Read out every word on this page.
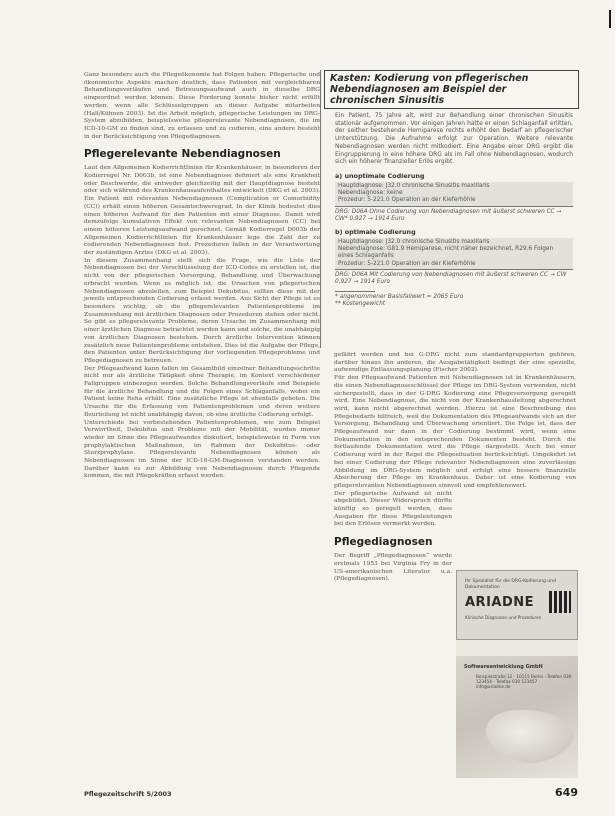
Ganz besonders auch die Pflegeökonomie hat Folgen haben. Pflegerische und ökonomische Aspekte machen deutlich, dass Patienten mit vergleichbaren Behandlungsverläufen und Betreuungsaufwand auch in dieselbe DRG eingeordnet werden können. Diese Forderung konnte bisher nicht erfüllt werden, wenn alle Schlüsselgruppen an dieser Aufgabe mitarbeiten (Hall/Kühnen 2003). Ist die Arbeit möglich, pflegerische Leistungen im DRG-System abzubilden, beispielsweise pflegerelevante Nebendiagnosen, die im ICD-10-GM zu finden sind, zu erfassen und zu codieren, eine andere besteht in der Berücksichtigung von Pflegediagnosen.

Pflegerelevante Nebendiagnosen

Laut den Allgemeinen Kodierrichtlinien für Krankenhäuser, in besonderen der Kodierregel Nr. D003b, ist eine Nebendiagnose definiert als eine Krankheit oder Beschwerde, die entweder gleichzeitig mit der Hauptdiagnose besteht oder sich während des Krankenhausaufenthaltes entwickelt (DKG et al. 2003). Ein Patient mit relevanten Nebendiagnosen (Complication or Comorbidity (CC)) erhält einen höheren Gesamtschweregrad. In der Klinik bedeutet dies einen höheren Aufwand für den Patienten mit einer Diagnose. Damit wird demzufolge kumulativen Effekt von relevanten Nebendiagnosen (CC) bei einem höheren Leistungsaufwand gerechnet. Gemäß Kodierregel D003b der Allgemeinen Kodierrichtlinien für Krankenhäuser lege die Zahl der zu codierenden Nebendiagnosen fest. Prozeduren fallen in der Verantwortung der zuständigen Arztes (DKG et al. 2003).

In diesem Zusammenhang stellt sich die Frage, wie die Liste der Nebendiagnosen bei der Verschlüsselung der ICD-Codes zu erstellen ist, die nicht von der pflegerischen Versorgung, Behandlung und Überwachung erbracht wurden. Wenn es möglich ist, die Ursachen von pflegerischen Nebendiagnosen abzuleiten, zum Beispiel Dekubitus, sollten diese mit der jeweils entsprechenden Codierung erfasst werden. Aus Sicht der Pflege ist es besonders wichtig, ob die pflegerelevanten Patientenprobleme im Zusammenhang mit ärztlichen Diagnosen oder Prozeduren stehen oder nicht. So gibt es pflegerelevante Probleme, deren Ursache im Zusammenhang mit einer ärztlichen Diagnose betrachtet werden kann und solche, die unabhängig von ärztlichen Diagnosen bestehen. Durch ärztliche Intervention können zusätzlich neue Patientenprobleme entstehen. Dies ist die Aufgabe der Pflege, den Patienten unter Berücksichtigung der vorliegenden Pflegeprobleme und Pflegediagnosen zu betreuen.

Der Pflegeaufwand kann fallen im Gesamtbild einzelner Behandlungsschritte nicht nur als ärztliche Tätigkeit ohne Therapie, im Kontext verschiedener Fallgruppen einbezogen werden. Solche Behandlungsverläufe sind Beispiele für die ärztliche Behandlung und die Folgen eines Schlaganfalls, wobei ein Patient keine Reha erhält. Eine zusätzliche Pflege ist ebenfalls geboten. Die Ursache für die Erfassung von Patientenproblemen und deren weitere Beurteilung ist nicht unabhängig davon, ob eine ärztliche Codierung erfolgt.

Unterschiede bei vorbestehenden Patientenproblemen, wie zum Beispiel Verwirrtheit, Dekubitus und Probleme mit der Mobilität, wurden immer wieder im Sinne des Pflegeaufwandes diskutiert, beispielsweise in Form von prophylaktischen Maßnahmen, im Rahmen der Dekubitus- oder Sturzprophylaxe. Pflegerelevante Nebendiagnosen können als Nebendiagnosen im Sinne der ICD-10-GM-Diagnosen verstanden werden. Darüber kann es zur Abbildung von Nebendiagnosen durch Pflegende kommen, die mit Pflegekräften erfasst werden.

Kasten: Kodierung von pflegerischen Nebendiagnosen am Beispiel der chronischen Sinusitis

Ein Patient, 75 Jahre alt, wird zur Behandlung einer chronischen Sinusitis stationär aufgenommen. Vor einigen Jahren hatte er einen Schlaganfall erlitten, der seither bestehende Hemiparese rechts erhöht den Bedarf an pflegerischer Unterstützung. Die Aufnahme erfolgt zur Operation. Weitere relevante Nebendiagnosen werden nicht mitkodiert. Eine Angabe einer DRG ergibt die Eingruppierung in eine höhere DRG als im Fall ohne Nebendiagnosen, wodurch sich ein höherer finanzieller Erlös ergibt.

a) unoptimale Codierung
Hauptdiagnose: J32.0 chronische Sinusitis maxillaris
Nebendiagnose: keine
Prozedur: 5-221.0 Operation an der Kieferhöhle
DRG: D06A Ohne Codierung von Nebendiagnosen mit äußerst schweren CC → CW* 0,927 → 1914 Euro
b) optimale Codierung
Hauptdiagnose: J32.0 chronische Sinusitis maxillaris
Nebendiagnose: G81.9 Hemiparese, nicht näher bezeichnet, R29.6 Folgen eines Schlaganfalls
Prozedur: 5-221.0 Operation an der Kieferhöhle
DRG: D06A Mit Codierung von Nebendiagnosen mit äußerst schweren CC → CW 0,927 → 1914 Euro
* angenommener Basisfallwert = 2065 Euro
** Kostengewicht

gefährt werden und bei G-DRG nicht zum standardgruppierten gehören, darüber hinaus ihn anderen, die Ausgabetätigkeit bedingt der eine spezielle, aufwendige Entlassungsplanung (Fischer 2002).

Für den Pflegeaufwand Patienten mit Nebendiagnosen ist in Krankenhäusern, die einen Nebendiagnoseschlüssel der Pflege im DRG-System verwenden, nicht sichergestellt, dass in der G-DRG Kodierung eine Pflegeversorgung geregelt wird. Eine Nebendiagnose, die nicht von der Krankenhausleitung abgerechnet wird, kann nicht abgerechnet werden. Hierzu ist eine Beschreibung des Pflegebedarfs hilfreich, weil die Dokumentation des Pflegeaufwands sich an der Versorgung, Behandlung und Überwachung orientiert. Die Folge ist, dass der Pflegeaufwand nur dann in der Codierung bestimmt wird, wenn eine Dokumentation in den entsprechenden Dokumenten besteht. Durch die fortlaufende Dokumentation wird die Pflege dargestellt. Auch bei einer Codierung wird in der Regel die Pflegesituation berücksichtigt. Umgekehrt ist bei einer Codierung der Pflege relevanter Nebendiagnosen eine zuverlässige Abbildung im DRG-System möglich und erfolgt eine bessere finanzielle Absicherung der Pflege im Krankenhaus. Daher ist eine Kodierung von pflegerelevanten Nebendiagnosen sinnvoll und empfehlenswert.

Der pflegerische Aufwand ist nicht abgebildet. Dieser Widerspruch dürfte künftig so geregelt werden, dass Ausgaben für diese Pflegeleistungen bei den Erlösen vermerkt werden.

Pflegediagnosen

Der Begriff „Pflegediagnosen“ wurde erstmals 1953 bei Virginia Fry in der US-amerikanischen Literatur u.a. (Pflegediagnosen).	Ihr Spezialist für die DRG-Kodierung und Dokumentation
ARIADNE
Klinische Diagnosen und Prozeduren
Softwareentwicklung GmbH
Beispielstraße 12 · 10115 Berlin · Telefon 030 123456 · Telefax 030 123457 · info@ariadne.de
Pflegezeitschrift 5/2003	649
